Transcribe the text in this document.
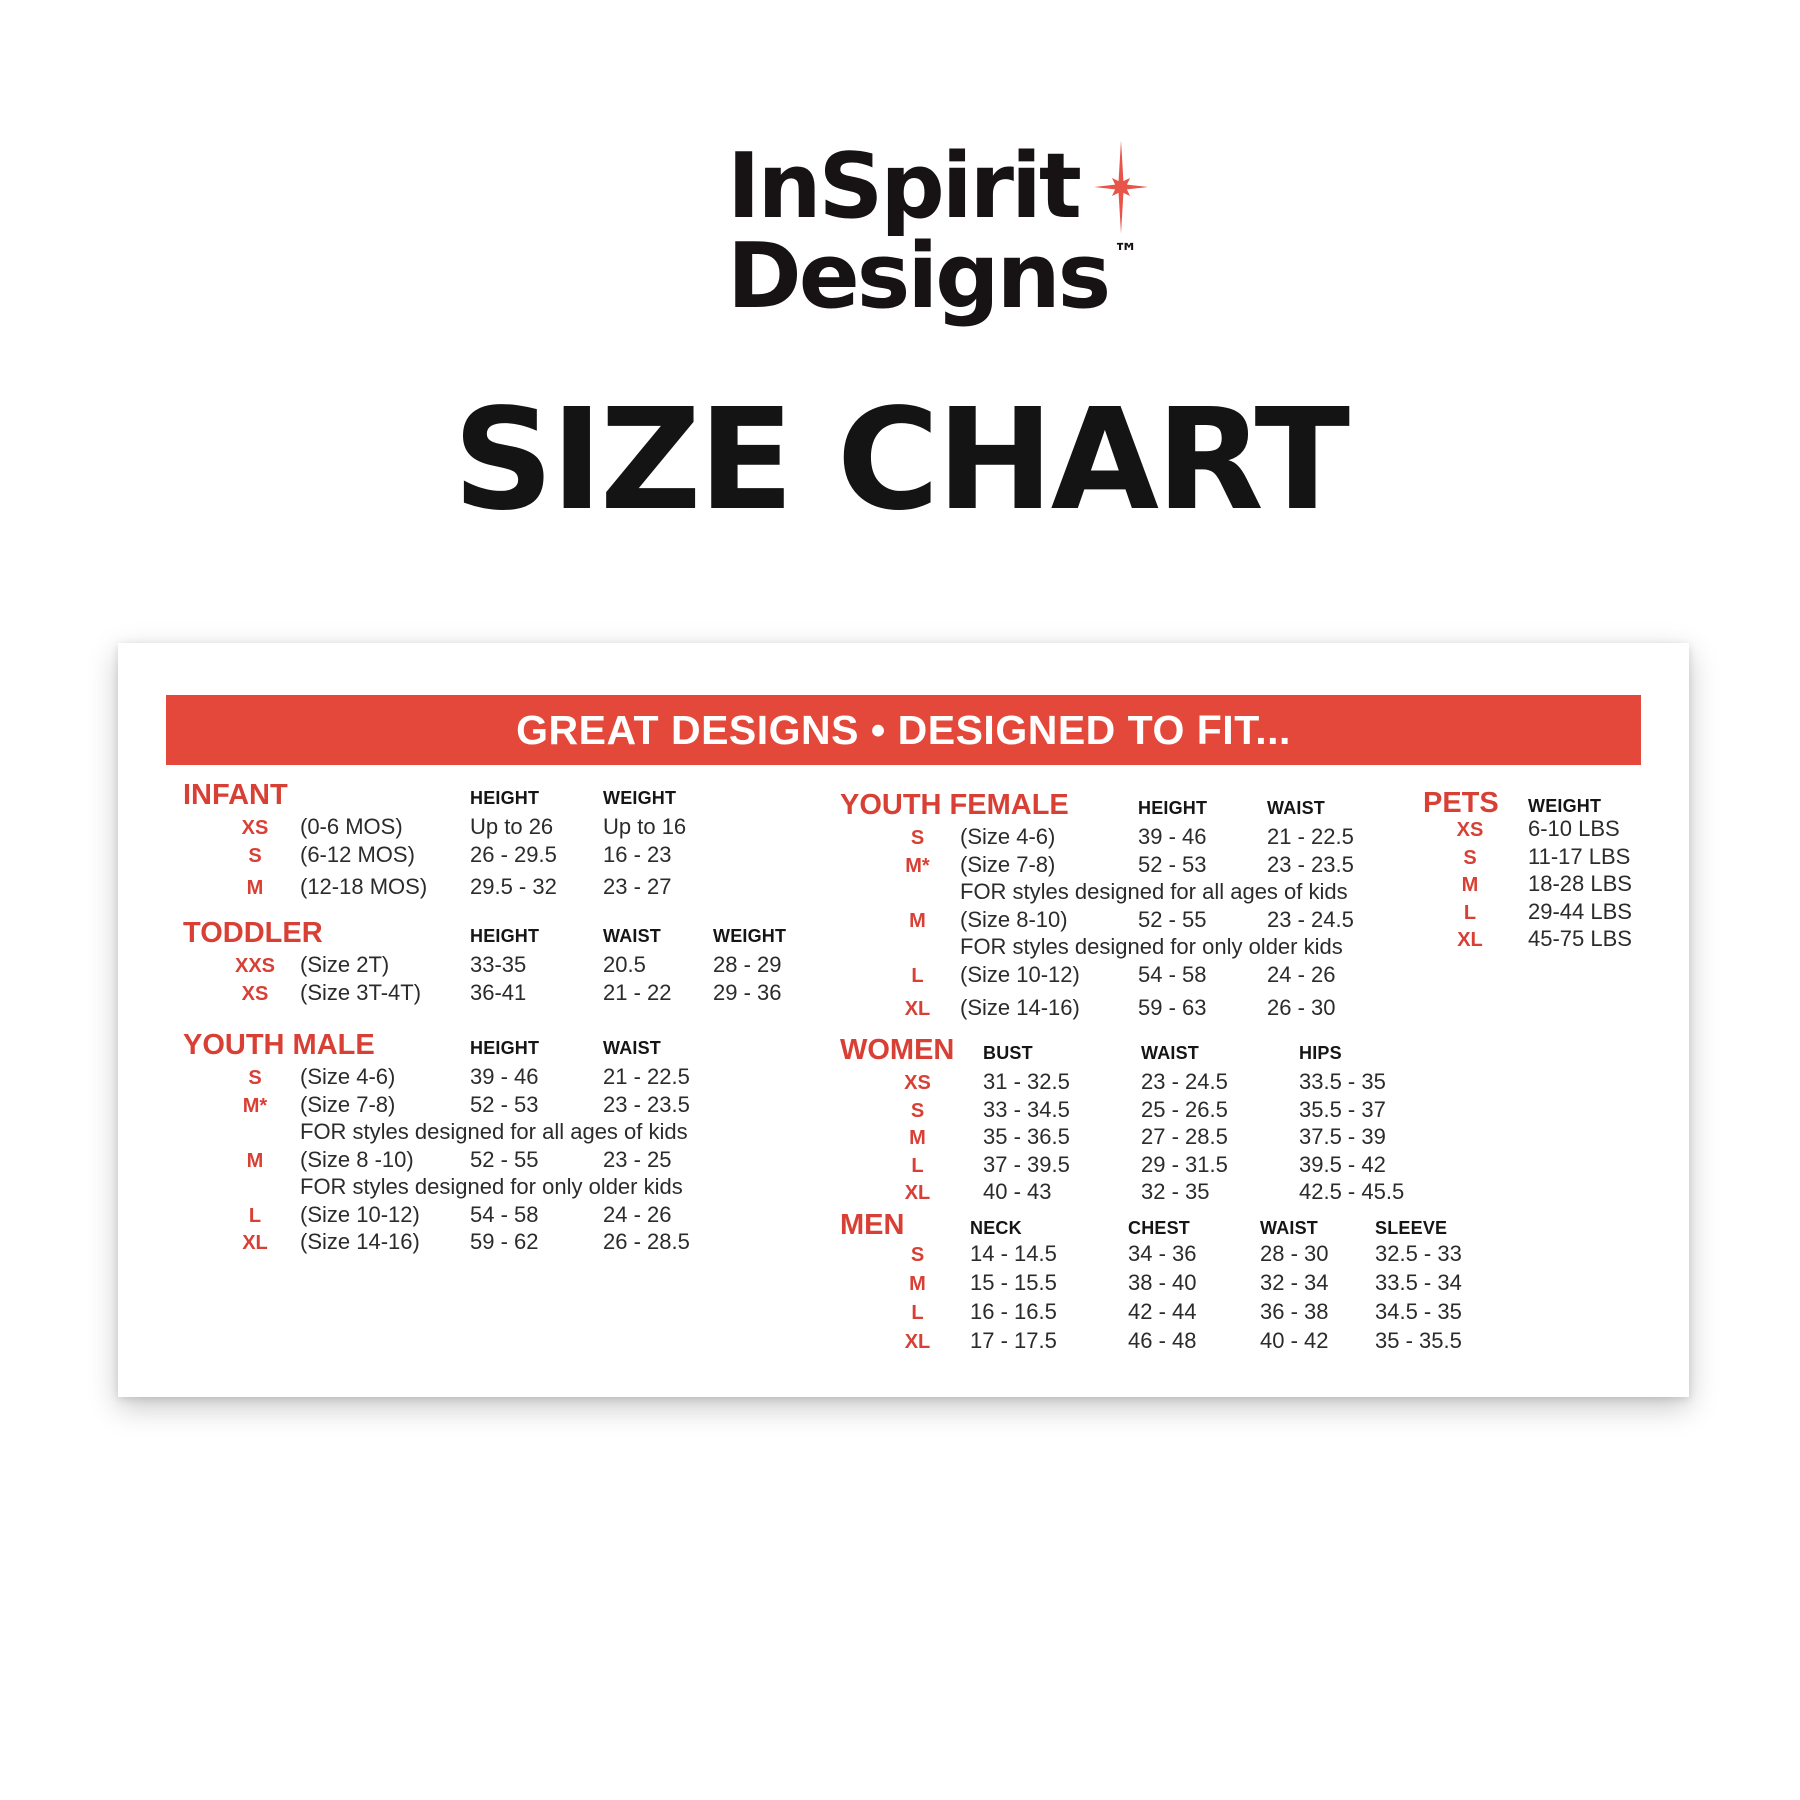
InSpirit
Designs ™
SIZE CHART
GREAT DESIGNS • DESIGNED TO FIT...
INFANT	HEIGHT	WEIGHT
XS	(0-6 MOS)	Up to 26	Up to 16
S	(6-12 MOS)	26 - 29.5	16 - 23
M	(12-18 MOS)	29.5 - 32	23 - 27
TODDLER	HEIGHT	WAIST	WEIGHT
XXS	(Size 2T)	33-35	20.5	28 - 29
XS	(Size 3T-4T)	36-41	21 - 22	29 - 36
YOUTH MALE	HEIGHT	WAIST
S	(Size 4-6)	39 - 46	21 - 22.5
M*	(Size 7-8)	52 - 53	23 - 23.5
FOR styles designed for all ages of kids
M	(Size 8 -10)	52 - 55	23 - 25
FOR styles designed for only older kids
L	(Size 10-12)	54 - 58	24 - 26
XL	(Size 14-16)	59 - 62	26 - 28.5
YOUTH FEMALE	HEIGHT	WAIST
S	(Size 4-6)	39 - 46	21 - 22.5
M*	(Size 7-8)	52 - 53	23 - 23.5
FOR styles designed for all ages of kids
M	(Size 8-10)	52 - 55	23 - 24.5
FOR styles designed for only older kids
L	(Size 10-12)	54 - 58	24 - 26
XL	(Size 14-16)	59 - 63	26 - 30
WOMEN	BUST	WAIST	HIPS
XS	31 - 32.5	23 - 24.5	33.5 - 35
S	33 - 34.5	25 - 26.5	35.5 - 37
M	35 - 36.5	27 - 28.5	37.5 - 39
L	37 - 39.5	29 - 31.5	39.5 - 42
XL	40 - 43	32 - 35	42.5 - 45.5
MEN	NECK	CHEST	WAIST	SLEEVE
S	14 - 14.5	34 - 36	28 - 30	32.5 - 33
M	15 - 15.5	38 - 40	32 - 34	33.5 - 34
L	16 - 16.5	42 - 44	36 - 38	34.5 - 35
XL	17 - 17.5	46 - 48	40 - 42	35 - 35.5
PETS	WEIGHT
XS	6-10 LBS
S	11-17 LBS
M	18-28 LBS
L	29-44 LBS
XL	45-75 LBS
